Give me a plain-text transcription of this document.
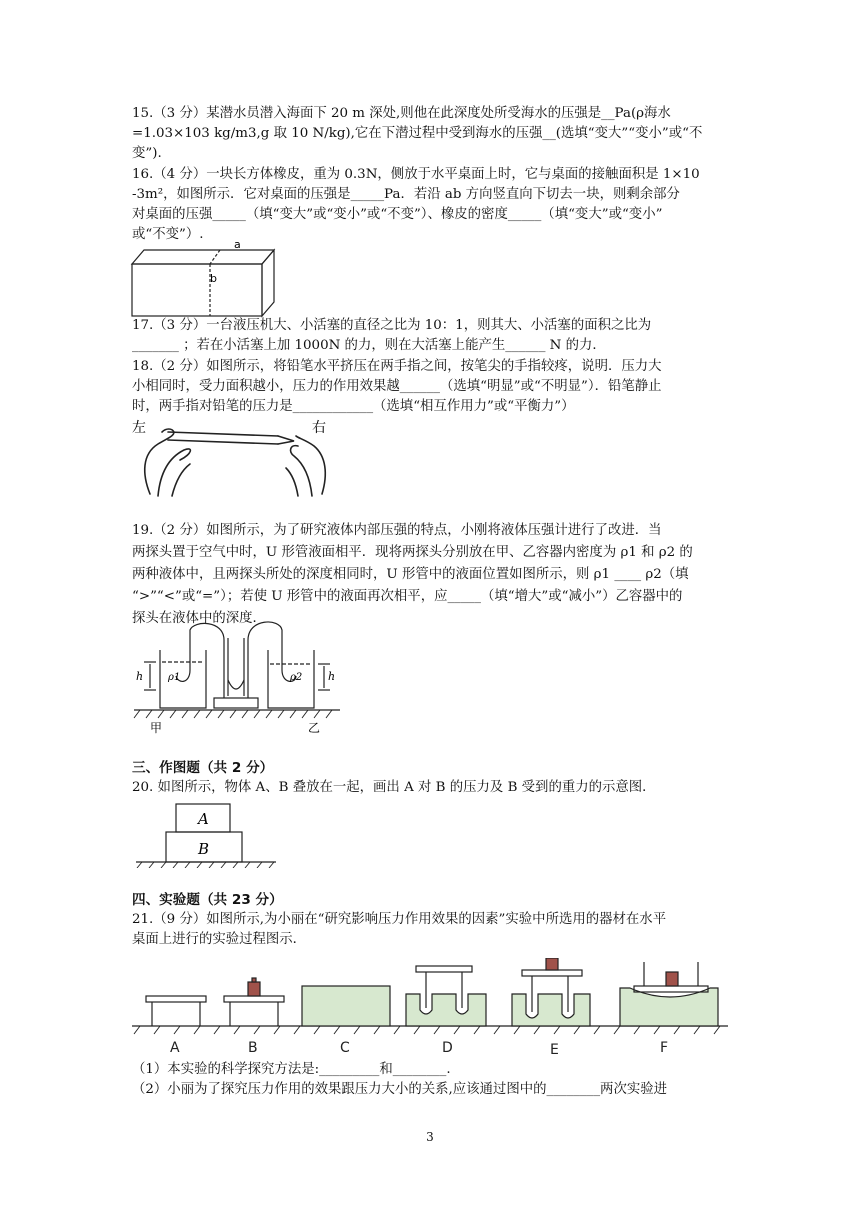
15.（3 分）某潜水员潜入海面下 20 m 深处,则他在此深度处所受海水的压强是__Pa(ρ海水
=1.03×103 kg/m3,g 取 10 N/kg),它在下潜过程中受到海水的压强__(选填“变大”“变小”或“不
变”).
16.（4 分）一块长方体橡皮，重为 0.3N，侧放于水平桌面上时，它与桌面的接触面积是 1×10
-3m²，如图所示．它对桌面的压强是_____Pa．若沿 ab 方向竖直向下切去一块，则剩余部分
对桌面的压强_____（填“变大”或“变小”或“不变”）、橡皮的密度_____（填“变大”或“变小”
或“不变”）.
a
b
17.（3 分）一台液压机大、小活塞的直径之比为 10：1，则其大、小活塞的面积之比为
_______ ；若在小活塞上加 1000N 的力，则在大活塞上能产生______ N 的力．
18.（2 分）如图所示，将铅笔水平挤压在两手指之间，按笔尖的手指较疼，说明．压力大
小相同时，受力面积越小，压力的作用效果越______（选填“明显”或“不明显”）．铅笔静止
时，两手指对铅笔的压力是____________（选填“相互作用力”或“平衡力”）
左	右
19.（2 分）如图所示，为了研究液体内部压强的特点，小刚将液体压强计进行了改进．当
两探头置于空气中时，U 形管液面相平．现将两探头分别放在甲、乙容器内密度为 ρ1 和 ρ2 的
两种液体中，且两探头所处的深度相同时，U 形管中的液面位置如图所示，则 ρ1 ____ ρ2（填
“>”“<”或“=”）；若使 U 形管中的液面再次相平，应_____（填“增大”或“减小”）乙容器中的
探头在液体中的深度．
h	h
ρ1	ρ2
甲	乙
三、作图题（共 2 分）
20. 如图所示，物体 A、B 叠放在一起，画出 A 对 B 的压力及 B 受到的重力的示意图．
A
B
四、实验题（共 23 分）
21.（9 分）如图所示,为小丽在“研究影响压力作用效果的因素”实验中所选用的器材在水平
桌面上进行的实验过程图示．
A	B	C	D	E	F
（1）本实验的科学探究方法是:_________和________.
（2）小丽为了探究压力作用的效果跟压力大小的关系,应该通过图中的________两次实验进
3
